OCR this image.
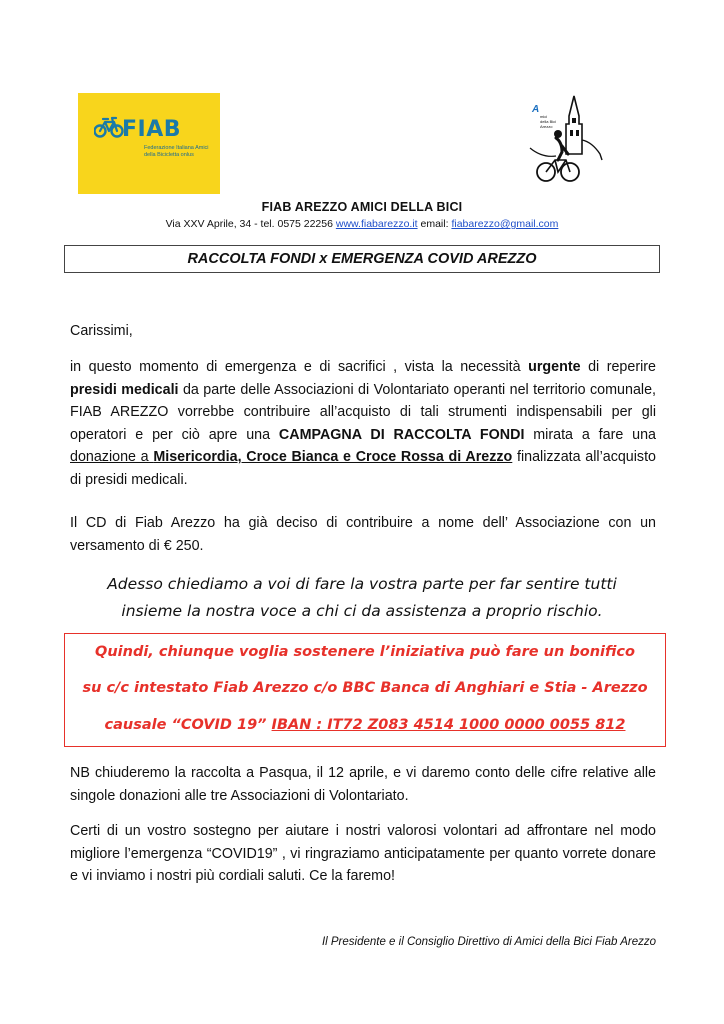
FIAB
Federazione Italiana Amici della Bicicletta onlus
A
mici
della Bici
Arezzo
FIAB AREZZO AMICI DELLA BICI
Via XXV Aprile, 34 - tel. 0575 22256 www.fiabarezzo.it email: fiabarezzo@gmail.com
RACCOLTA FONDI x EMERGENZA COVID AREZZO
Carissimi,
in questo momento di emergenza e di sacrifici , vista la necessità urgente di reperire presidi medicali da parte delle Associazioni di Volontariato operanti nel territorio comunale, FIAB AREZZO vorrebbe contribuire all’acquisto di tali strumenti indispensabili per gli operatori e per ciò apre una CAMPAGNA DI RACCOLTA FONDI mirata a fare una donazione a Misericordia, Croce Bianca e Croce Rossa di Arezzo finalizzata all’acquisto di presidi medicali.
Il CD di Fiab Arezzo ha già deciso di contribuire a nome dell’ Associazione con un versamento di € 250.
Adesso chiediamo a voi di fare la vostra parte per far sentire tutti
insieme la nostra voce a chi ci da assistenza a proprio rischio.
Quindi, chiunque voglia sostenere l’iniziativa può fare un bonifico
su c/c intestato Fiab Arezzo c/o BBC Banca di Anghiari e Stia - Arezzo
causale “COVID 19” IBAN : IT72 Z083 4514 1000 0000 0055 812
NB chiuderemo la raccolta a Pasqua, il 12 aprile, e vi daremo conto delle cifre relative alle singole donazioni alle tre Associazioni di Volontariato.
Certi di un vostro sostegno per aiutare i nostri valorosi volontari ad affrontare nel modo migliore l’emergenza “COVID19” , vi ringraziamo anticipatamente per quanto vorrete donare e vi inviamo i nostri più cordiali saluti. Ce la faremo!
Il Presidente e il Consiglio Direttivo di Amici della Bici Fiab Arezzo
